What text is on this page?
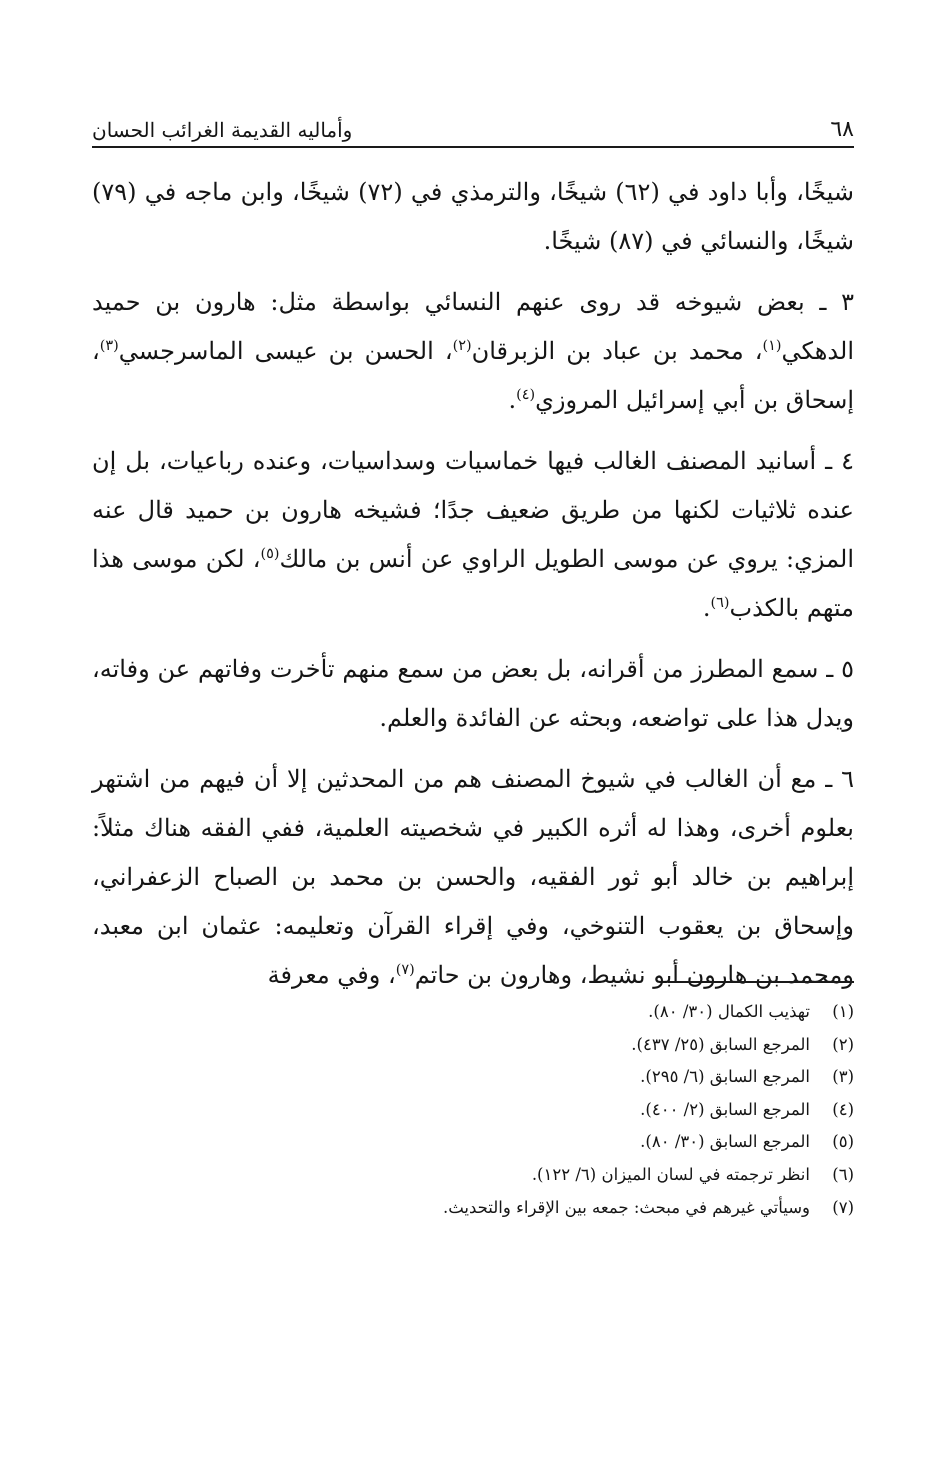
٦٨
وأماليه القديمة الغرائب الحسان

شيخًا، وأبا داود في (٦٢) شيخًا، والترمذي في (٧٢) شيخًا، وابن ماجه في (٧٩) شيخًا، والنسائي في (٨٧) شيخًا.

٣ ـ بعض شيوخه قد روى عنهم النسائي بواسطة مثل: هارون بن حميد الدهكي$^{(١)}$، محمد بن عباد بن الزبرقان$^{(٢)}$، الحسن بن عيسى الماسرجسي$^{(٣)}$، إسحاق بن أبي إسرائيل المروزي$^{(٤)}$.

٤ ـ أسانيد المصنف الغالب فيها خماسيات وسداسيات، وعنده رباعيات، بل إن عنده ثلاثيات لكنها من طريق ضعيف جدًا؛ فشيخه هارون بن حميد قال عنه المزي: يروي عن موسى الطويل الراوي عن أنس بن مالك$^{(٥)}$، لكن موسى هذا متهم بالكذب$^{(٦)}$.

٥ ـ سمع المطرز من أقرانه، بل بعض من سمع منهم تأخرت وفاتهم عن وفاته، ويدل هذا على تواضعه، وبحثه عن الفائدة والعلم.

٦ ـ مع أن الغالب في شيوخ المصنف هم من المحدثين إلا أن فيهم من اشتهر بعلوم أخرى، وهذا له أثره الكبير في شخصيته العلمية، ففي الفقه هناك مثلاً: إبراهيم بن خالد أبو ثور الفقيه، والحسن بن محمد بن الصباح الزعفراني، وإسحاق بن يعقوب التنوخي، وفي إقراء القرآن وتعليمه: عثمان ابن معبد، ومحمد بن هارون أبو نشيط، وهارون بن حاتم$^{(٧)}$، وفي معرفة

(١)تهذيب الكمال (٣٠/ ٨٠).
(٢)المرجع السابق (٢٥/ ٤٣٧).
(٣)المرجع السابق (٦/ ٢٩٥).
(٤)المرجع السابق (٢/ ٤٠٠).
(٥)المرجع السابق (٣٠/ ٨٠).
(٦)انظر ترجمته في لسان الميزان (٦/ ١٢٢).
(٧)وسيأتي غيرهم في مبحث: جمعه بين الإقراء والتحديث.
